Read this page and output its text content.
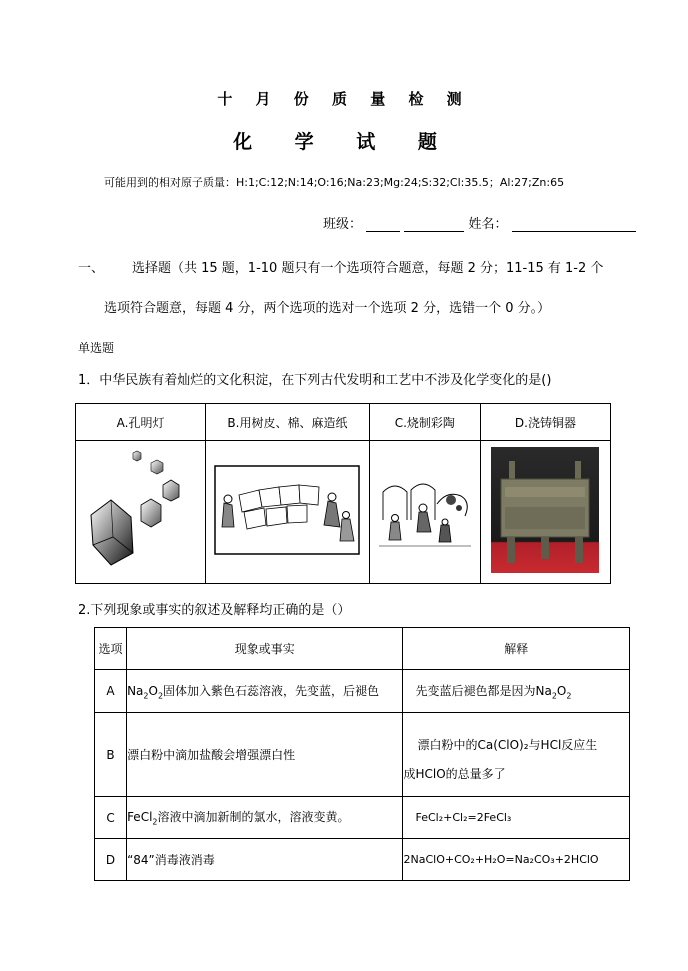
十 月 份 质 量 检 测
化 学 试 题
可能用到的相对原子质量：H:1;C:12;N:14;O:16;Na:23;Mg:24;S:32;Cl:35.5；Al:27;Zn:65
班级：	姓名：
一、 选择题（共 15 题，1-10 题只有一个选项符合题意，每题 2 分；11-15 有 1-2 个
选项符合题意，每题 4 分，两个选项的选对一个选项 2 分，选错一个 0 分。）
单选题
1．中华民族有着灿烂的文化积淀，在下列古代发明和工艺中不涉及化学变化的是()
A.孔明灯	B.用树皮、棉、麻造纸	C.烧制彩陶	D.浇铸铜器

2.下列现象或事实的叙述及解释均正确的是（）
选项	现象或事实	解释
A	$Na_2O_2$固体加入紫色石蕊溶液，先变蓝，后褪色	先变蓝后褪色都是因为$Na_2O_2$
B	漂白粉中滴加盐酸会增强漂白性	漂白粉中的Ca(ClO)₂与HCl反应生
成HClO的总量多了

C	FeCl$_2$溶液中滴加新制的氯水，溶液变黄。	FeCl₂+Cl₂=2FeCl₃
D	“84”消毒液消毒	2NaClO+CO₂+H₂O=Na₂CO₃+2HClO
